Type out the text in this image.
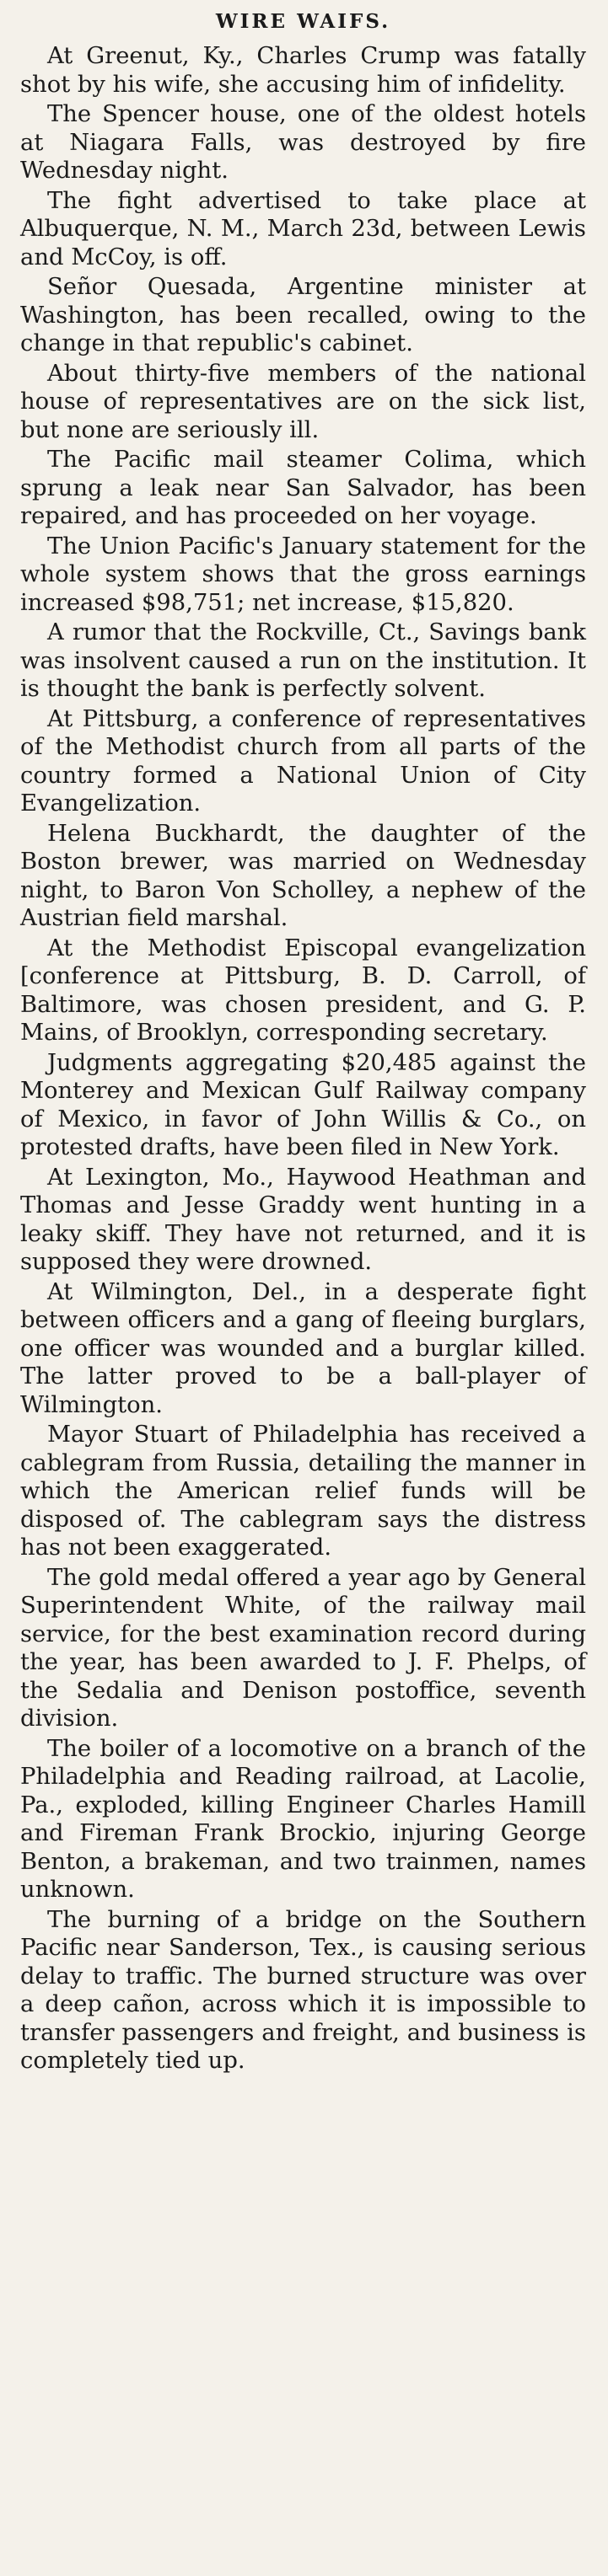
WIRE WAIFS.

At Greenut, Ky., Charles Crump was fatally shot by his wife, she accusing him of infidelity.

The Spencer house, one of the oldest hotels at Niagara Falls, was destroyed by fire Wednesday night.

The fight advertised to take place at Albuquerque, N. M., March 23d, between Lewis and McCoy, is off.

Señor Quesada, Argentine minister at Washington, has been recalled, owing to the change in that republic's cabinet.

About thirty-five members of the national house of representatives are on the sick list, but none are seriously ill.

The Pacific mail steamer Colima, which sprung a leak near San Salvador, has been repaired, and has proceeded on her voyage.

The Union Pacific's January statement for the whole system shows that the gross earnings increased $98,751; net increase, $15,820.

A rumor that the Rockville, Ct., Savings bank was insolvent caused a run on the institution. It is thought the bank is perfectly solvent.

At Pittsburg, a conference of representatives of the Methodist church from all parts of the country formed a National Union of City Evangelization.

Helena Buckhardt, the daughter of the Boston brewer, was married on Wednesday night, to Baron Von Scholley, a nephew of the Austrian field marshal.

At the Methodist Episcopal evangelization [conference at Pittsburg, B. D. Carroll, of Baltimore, was chosen president, and G. P. Mains, of Brooklyn, corresponding secretary.

Judgments aggregating $20,485 against the Monterey and Mexican Gulf Railway company of Mexico, in favor of John Willis & Co., on protested drafts, have been filed in New York.

At Lexington, Mo., Haywood Heathman and Thomas and Jesse Graddy went hunting in a leaky skiff. They have not returned, and it is supposed they were drowned.

At Wilmington, Del., in a desperate fight between officers and a gang of fleeing burglars, one officer was wounded and a burglar killed. The latter proved to be a ball-player of Wilmington.

Mayor Stuart of Philadelphia has received a cablegram from Russia, detailing the manner in which the American relief funds will be disposed of. The cablegram says the distress has not been exaggerated.

The gold medal offered a year ago by General Superintendent White, of the railway mail service, for the best examination record during the year, has been awarded to J. F. Phelps, of the Sedalia and Denison postoffice, seventh division.

The boiler of a locomotive on a branch of the Philadelphia and Reading railroad, at Lacolie, Pa., exploded, killing Engineer Charles Hamill and Fireman Frank Brockio, injuring George Benton, a brakeman, and two trainmen, names unknown.

The burning of a bridge on the Southern Pacific near Sanderson, Tex., is causing serious delay to traffic. The burned structure was over a deep cañon, across which it is impossible to transfer passengers and freight, and business is completely tied up.
